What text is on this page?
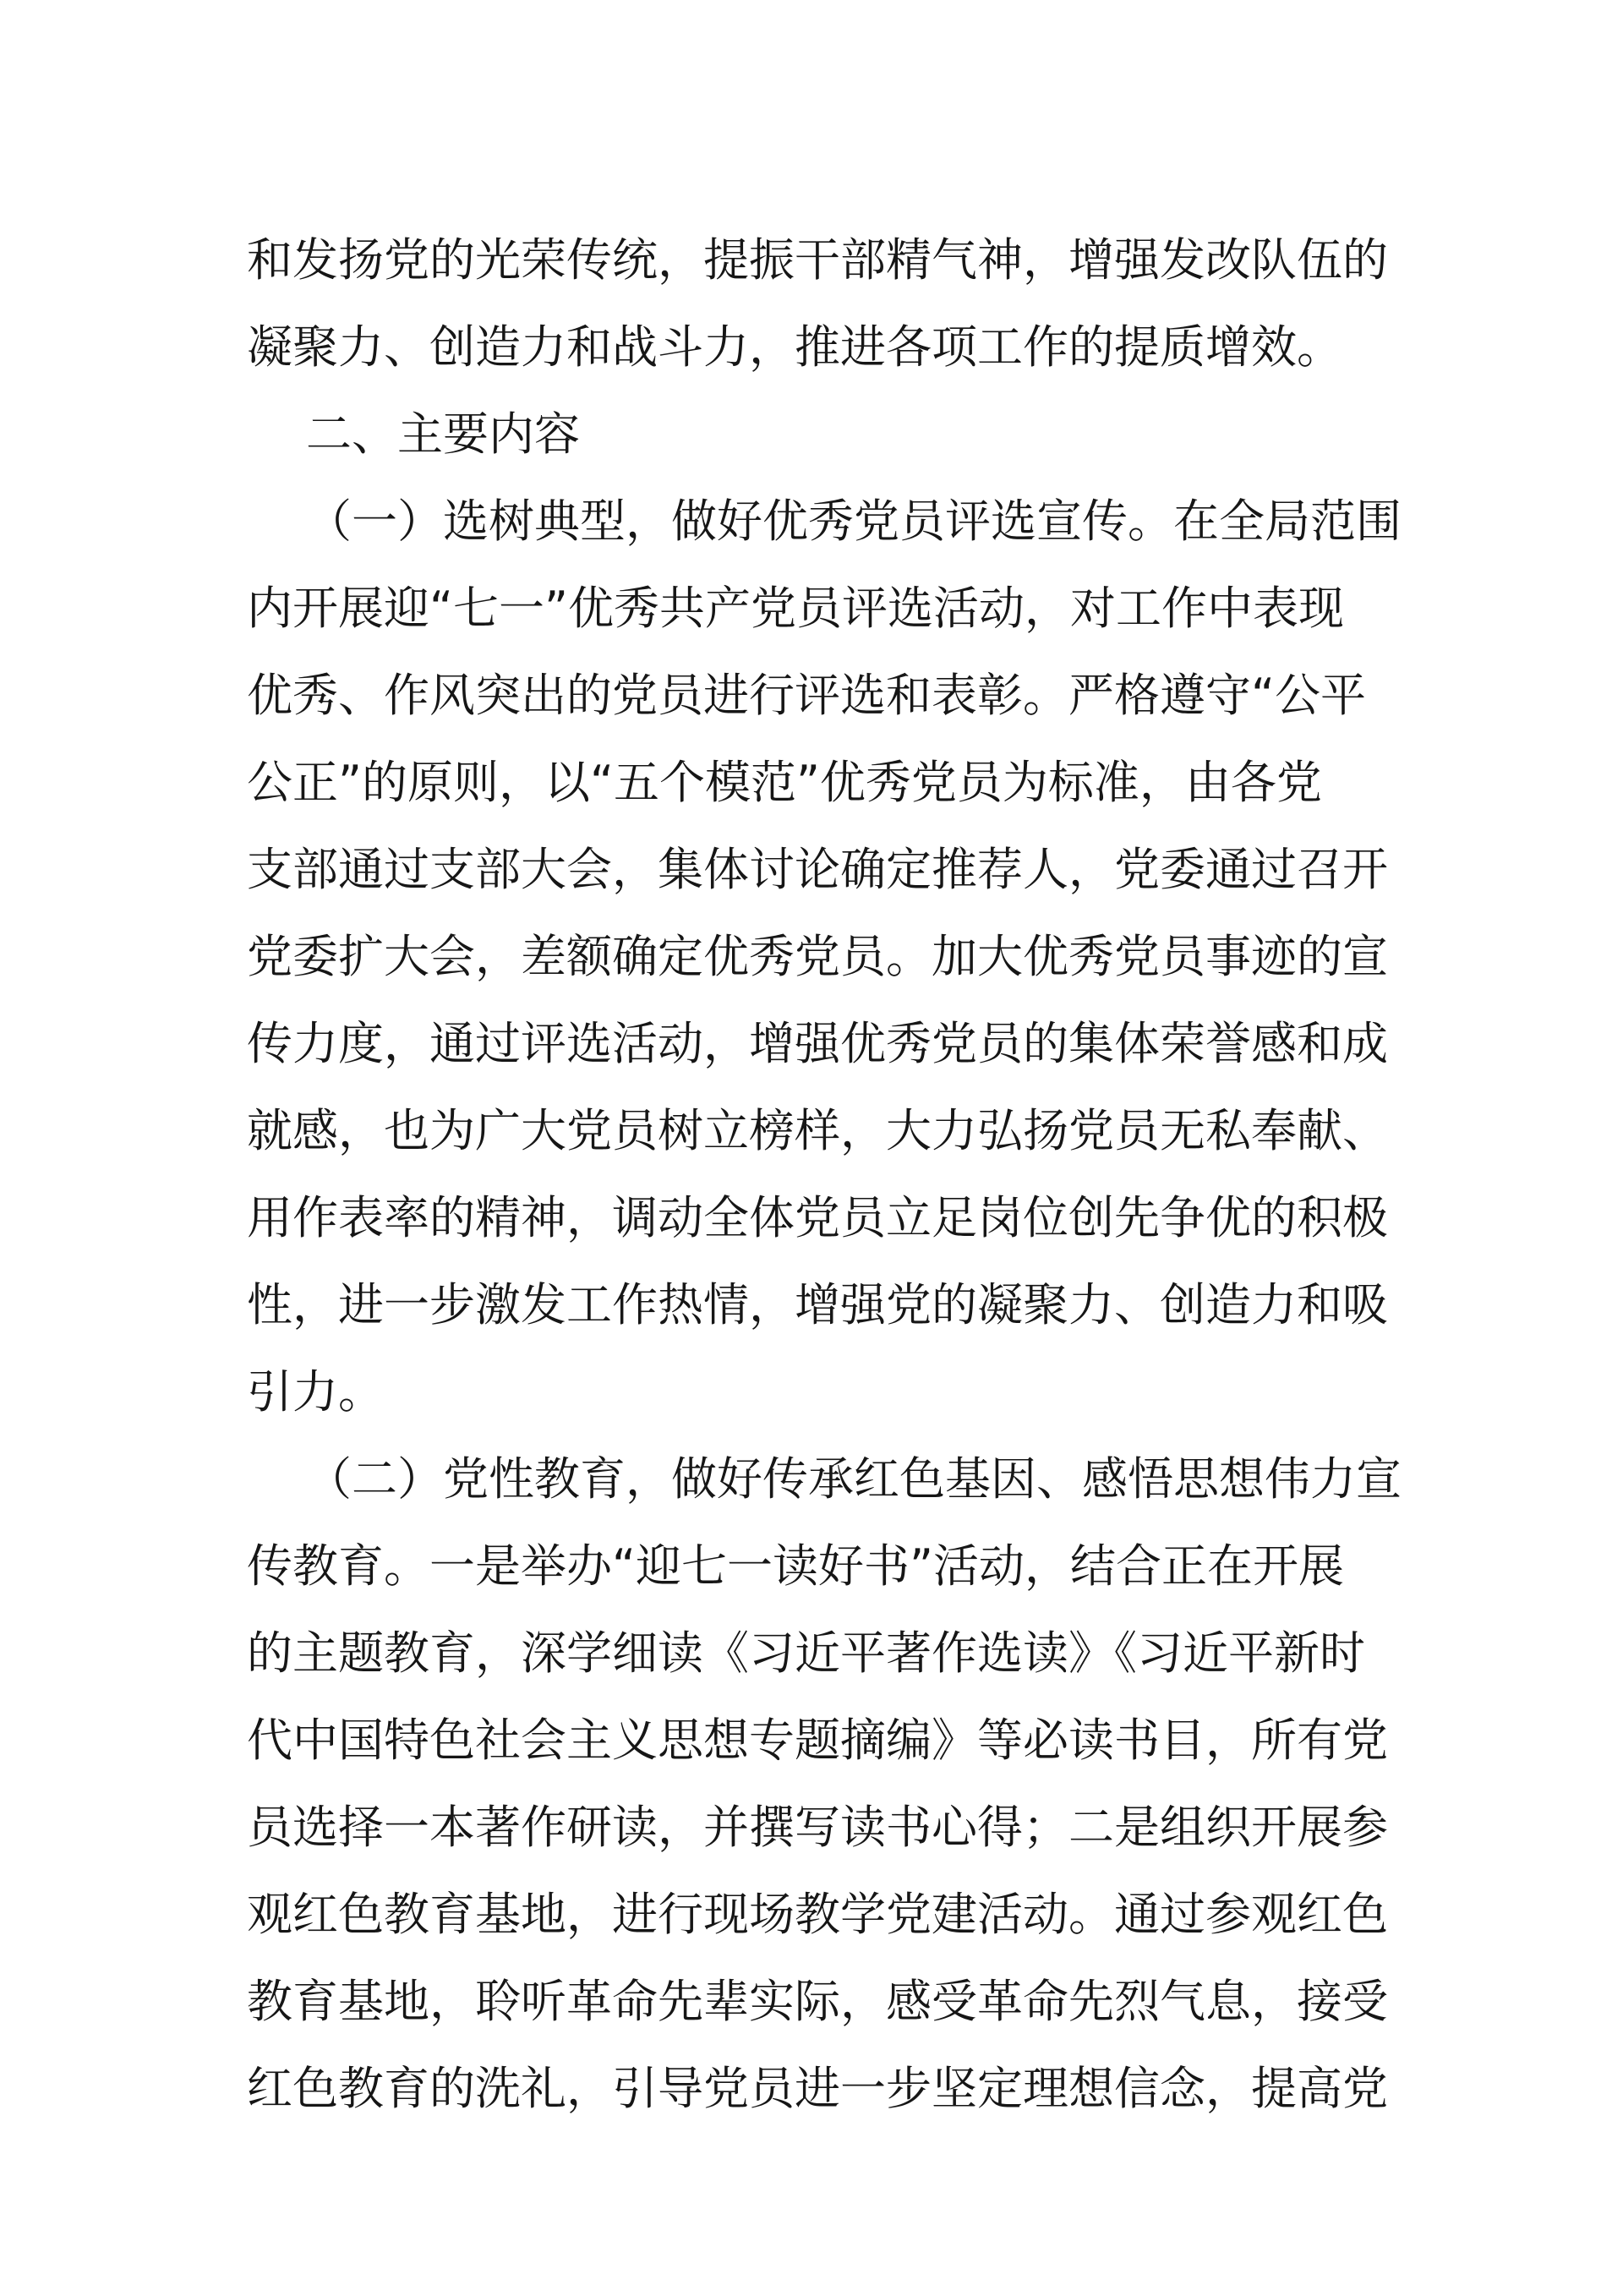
和发扬党的光荣传统，提振干部精气神，增强发改队伍的
凝聚力、创造力和战斗力，推进各项工作的提质增效。
二、主要内容
（一）选树典型，做好优秀党员评选宣传。在全局范围
内开展迎“七一”优秀共产党员评选活动，对工作中表现
优秀、作风突出的党员进行评选和表彰。严格遵守“公平
公正”的原则，以“五个模范”优秀党员为标准，由各党
支部通过支部大会，集体讨论确定推荐人，党委通过召开
党委扩大会，差额确定优秀党员。加大优秀党员事迹的宣
传力度，通过评选活动，增强优秀党员的集体荣誉感和成
就感，也为广大党员树立榜样，大力弘扬党员无私奉献、
用作表率的精神，调动全体党员立足岗位创先争优的积极
性，进一步激发工作热情，增强党的凝聚力、创造力和吸
引力。
（二）党性教育，做好传承红色基因、感悟思想伟力宣
传教育。一是举办“迎七一读好书”活动，结合正在开展
的主题教育，深学细读《习近平著作选读》《习近平新时
代中国特色社会主义思想专题摘编》等必读书目，所有党
员选择一本著作研读，并撰写读书心得；二是组织开展参
观红色教育基地，进行现场教学党建活动。通过参观红色
教育基地，聆听革命先辈实际，感受革命先烈气息，接受
红色教育的洗礼，引导党员进一步坚定理想信念，提高党
